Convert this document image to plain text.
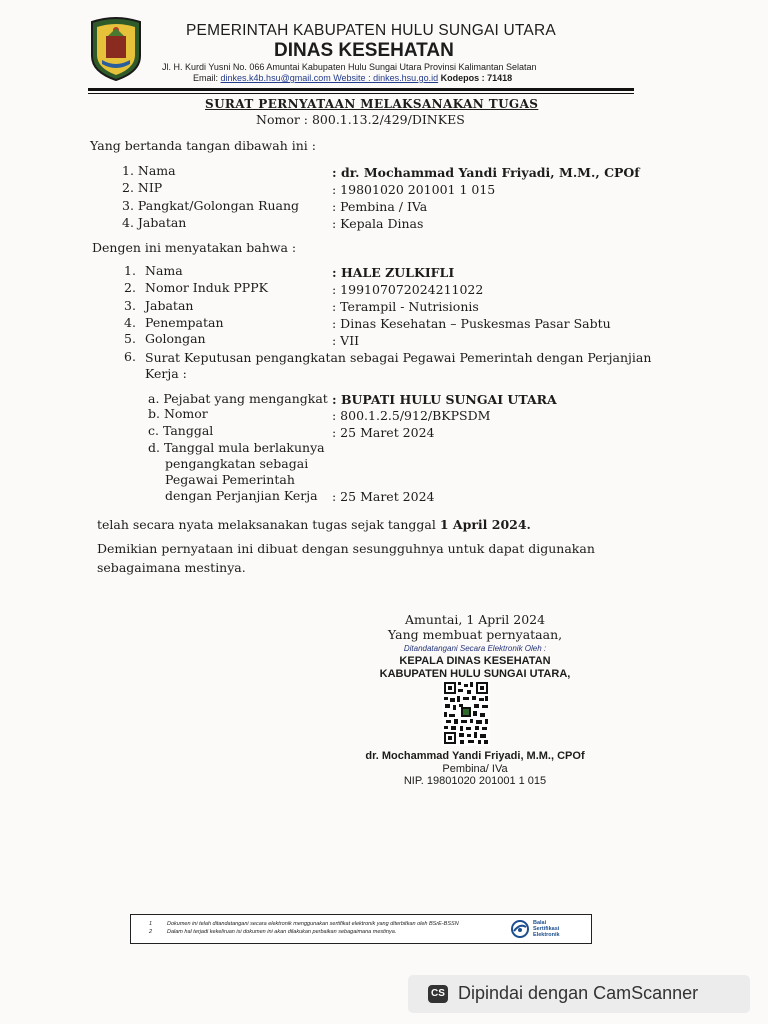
PEMERINTAH KABUPATEN HULU SUNGAI UTARA
DINAS KESEHATAN
Jl. H. Kurdi Yusni No. 066 Amuntai Kabupaten Hulu Sungai Utara Provinsi Kalimantan Selatan
Email: dinkes.k4b.hsu@gmail.com Website : dinkes.hsu.go.id Kodepos : 71418
SURAT PERNYATAAN MELAKSANAKAN TUGAS
Nomor : 800.1.13.2/429/DINKES
Yang bertanda tangan dibawah ini :
1. Nama	: dr. Mochammad Yandi Friyadi, M.M., CPOf
2. NIP	: 19801020 201001 1 015
3. Pangkat/Golongan Ruang	: Pembina / IVa
4. Jabatan	: Kepala Dinas
Dengen ini menyatakan bahwa :
1. Nama	: HALE ZULKIFLI
2. Nomor Induk PPPK	: 199107072024211022
3. Jabatan	: Terampil - Nutrisionis
4. Penempatan	: Dinas Kesehatan – Puskesmas Pasar Sabtu
5. Golongan	: VII
6. Surat Keputusan pengangkatan sebagai Pegawai Pemerintah dengan Perjanjian
Kerja :
a. Pejabat yang mengangkat : BUPATI HULU SUNGAI UTARA
b. Nomor	: 800.1.2.5/912/BKPSDM
c. Tanggal	: 25 Maret 2024
d. Tanggal mula berlakunya
pengangkatan sebagai
Pegawai Pemerintah
dengan Perjanjian Kerja : 25 Maret 2024
telah secara nyata melaksanakan tugas sejak tanggal 1 April 2024.
Demikian pernyataan ini dibuat dengan sesungguhnya untuk dapat digunakan
sebagaimana mestinya.
Amuntai, 1 April 2024
Yang membuat pernyataan,
Ditandatangani Secara Elektronik Oleh :
KEPALA DINAS KESEHATAN
KABUPATEN HULU SUNGAI UTARA,
dr. Mochammad Yandi Friyadi, M.M., CPOf
Pembina/ IVa
NIP. 19801020 201001 1 015
1	Dokumen ini telah ditandatangani secara elektronik menggunakan sertifikat elektronik yang diterbitkan oleh BSrE-BSSN
2	Dalam hal terjadi kekeliruan isi dokumen ini akan dilakukan perbaikan sebagaimana mestinya.
Balai
Sertifikasi
Elektronik
CS Dipindai dengan CamScanner
